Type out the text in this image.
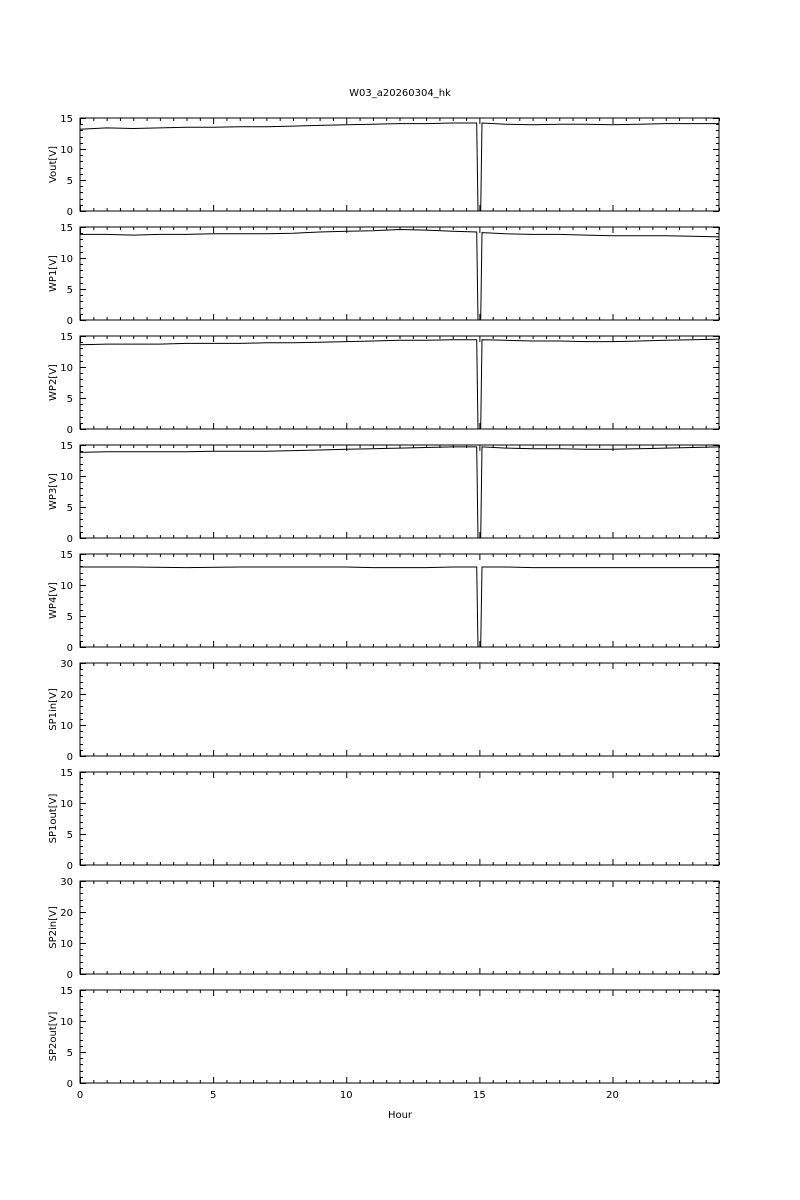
W03_a20260304_hk
0
5
10
15
Vout[V]
0
5
10
15
WP1[V]
0
5
10
15
WP2[V]
0
5
10
15
WP3[V]
0
5
10
15
WP4[V]
0
10
20
30
SP1in[V]
0
5
10
15
SP1out[V]
0
10
20
30
SP2in[V]
0
5
10
15
SP2out[V]
0	5	10	15	20
Hour
